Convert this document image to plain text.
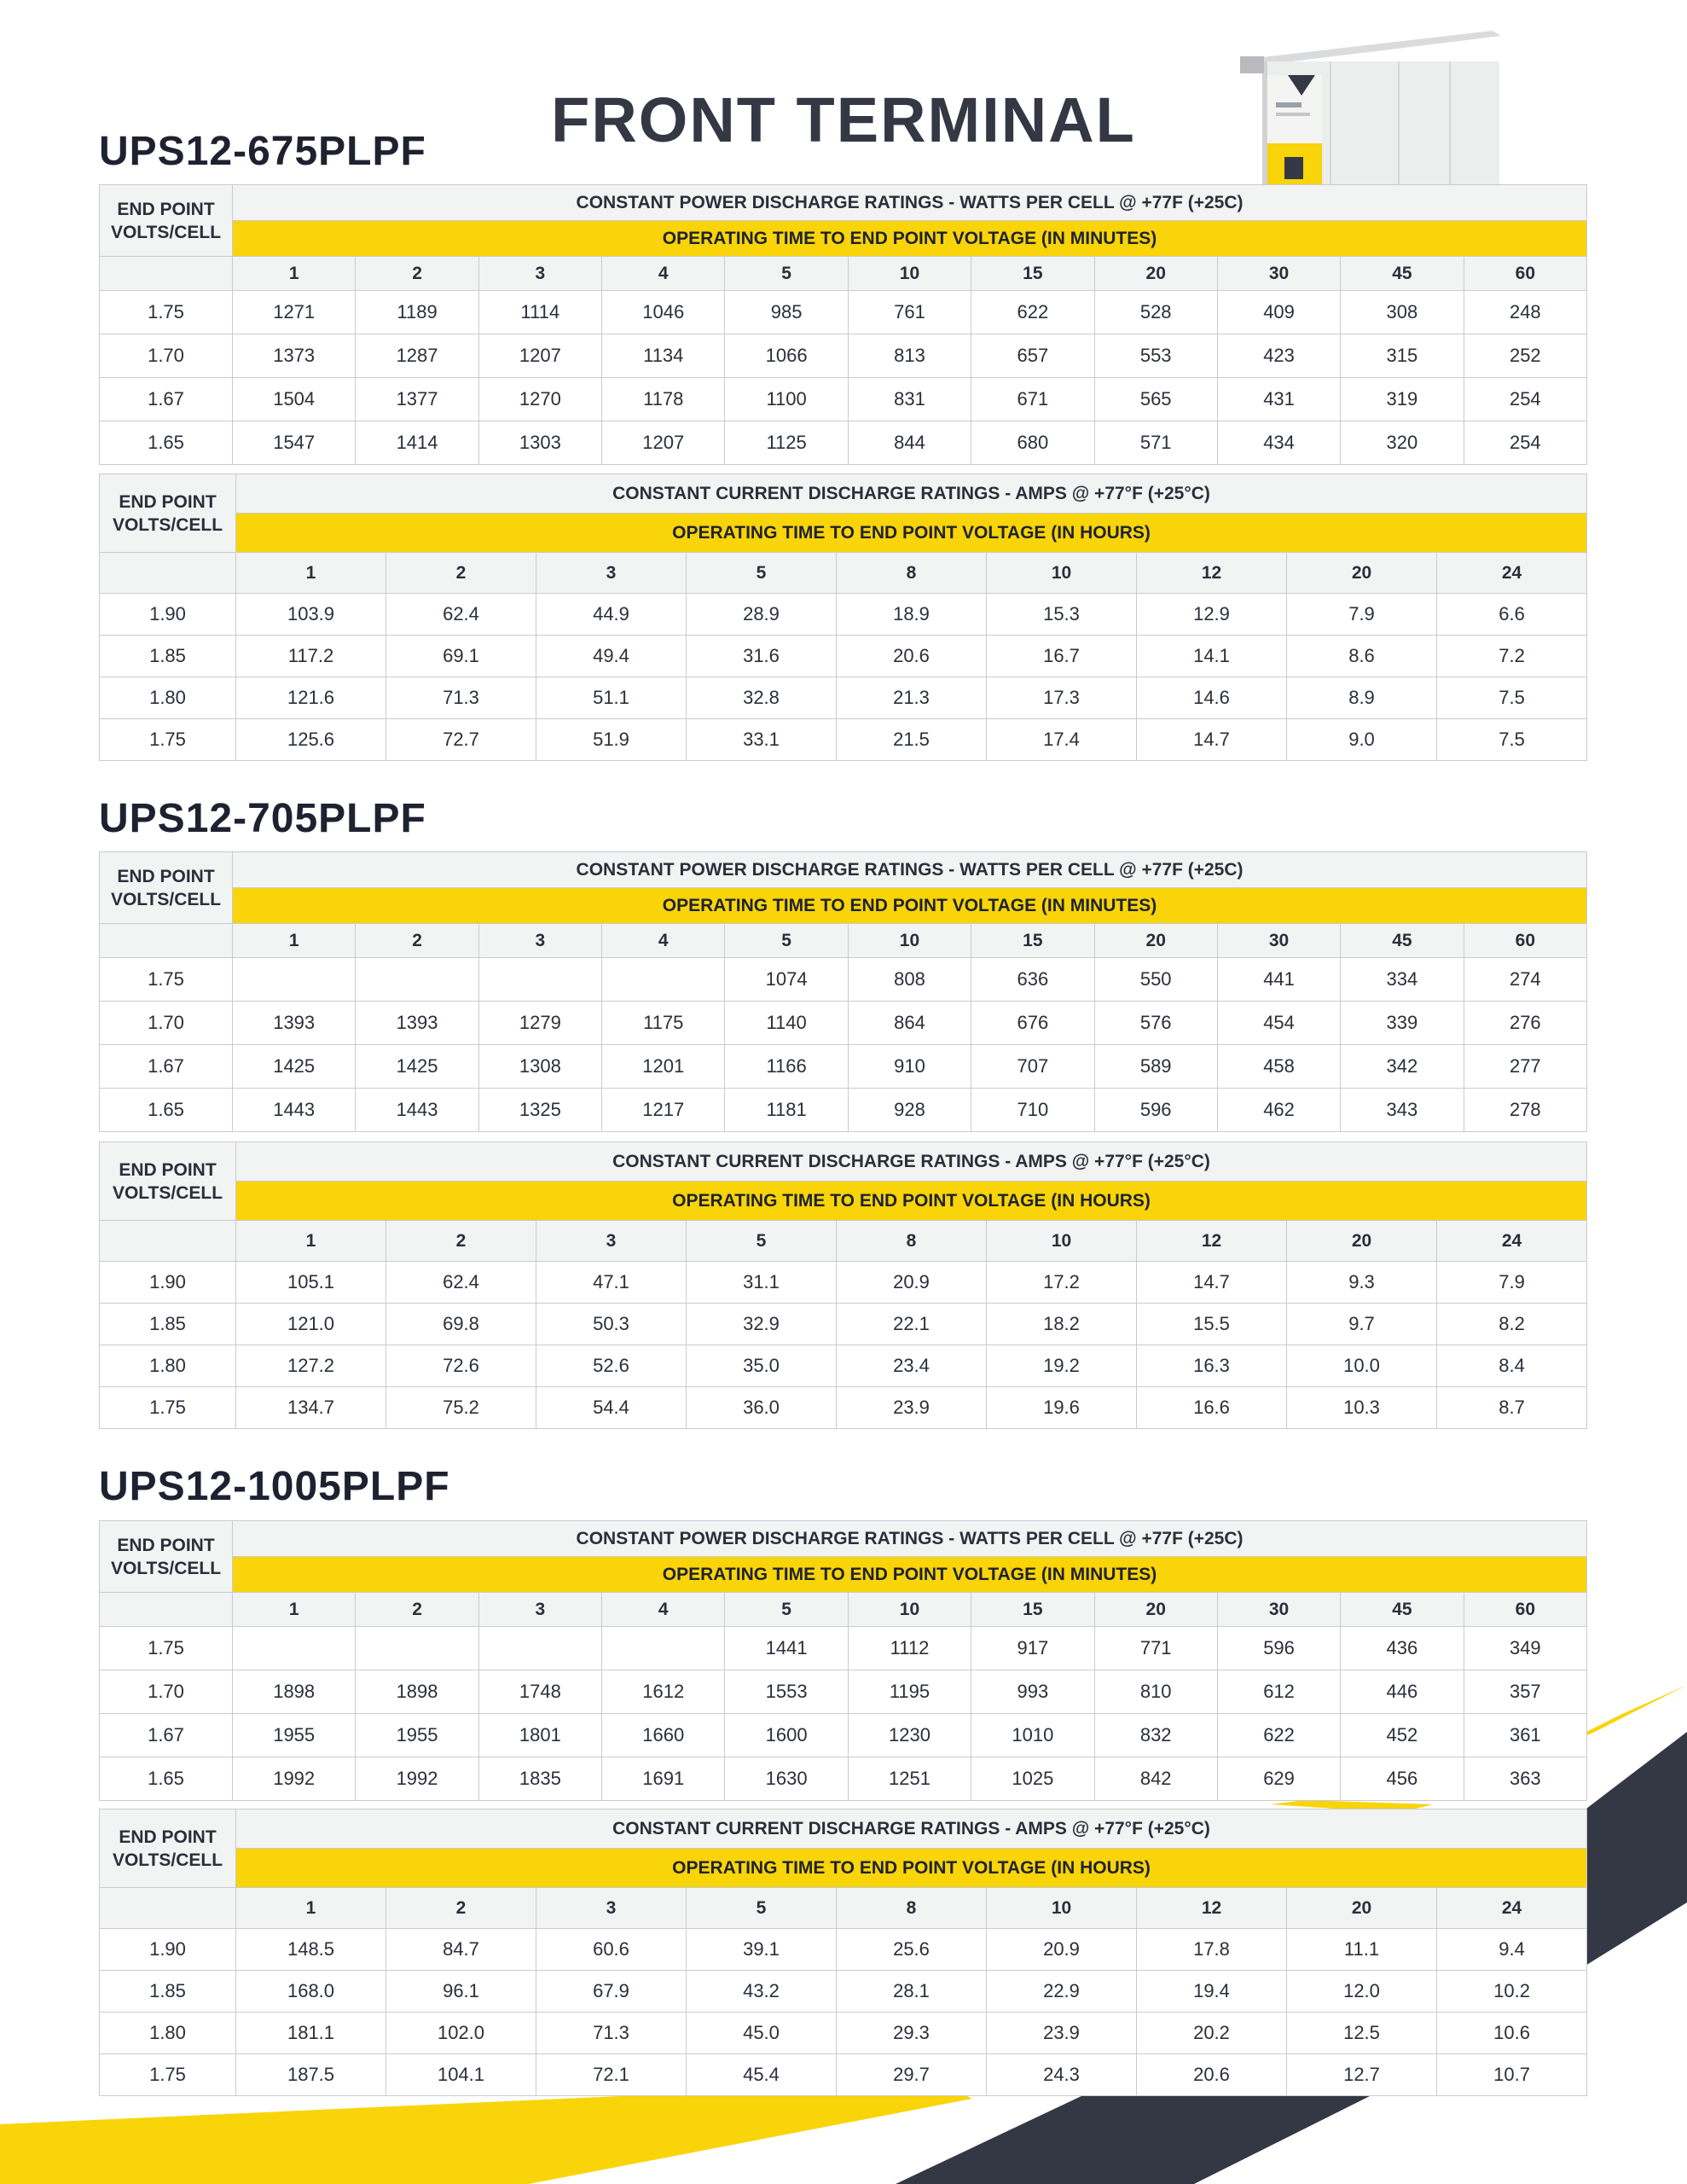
FRONT TERMINAL
UPS12-675PLPF
END POINT
VOLTS/CELL	CONSTANT POWER DISCHARGE RATINGS - WATTS PER CELL @ +77F (+25C)										
	OPERATING TIME TO END POINT VOLTAGE (IN MINUTES)										
	1	2	3	4	5	10	15	20	30	45	60
1.75	1271	1189	1114	1046	985	761	622	528	409	308	248
1.70	1373	1287	1207	1134	1066	813	657	553	423	315	252
1.67	1504	1377	1270	1178	1100	831	671	565	431	319	254
1.65	1547	1414	1303	1207	1125	844	680	571	434	320	254
END POINT
VOLTS/CELL	CONSTANT CURRENT DISCHARGE RATINGS - AMPS @ +77°F (+25°C)								
	OPERATING TIME TO END POINT VOLTAGE (IN HOURS)								
	1	2	3	5	8	10	12	20	24
1.90	103.9	62.4	44.9	28.9	18.9	15.3	12.9	7.9	6.6
1.85	117.2	69.1	49.4	31.6	20.6	16.7	14.1	8.6	7.2
1.80	121.6	71.3	51.1	32.8	21.3	17.3	14.6	8.9	7.5
1.75	125.6	72.7	51.9	33.1	21.5	17.4	14.7	9.0	7.5
UPS12-705PLPF
END POINT
VOLTS/CELL	CONSTANT POWER DISCHARGE RATINGS - WATTS PER CELL @ +77F (+25C)										
	OPERATING TIME TO END POINT VOLTAGE (IN MINUTES)										
	1	2	3	4	5	10	15	20	30	45	60
1.75					1074	808	636	550	441	334	274
1.70	1393	1393	1279	1175	1140	864	676	576	454	339	276
1.67	1425	1425	1308	1201	1166	910	707	589	458	342	277
1.65	1443	1443	1325	1217	1181	928	710	596	462	343	278
END POINT
VOLTS/CELL	CONSTANT CURRENT DISCHARGE RATINGS - AMPS @ +77°F (+25°C)								
	OPERATING TIME TO END POINT VOLTAGE (IN HOURS)								
	1	2	3	5	8	10	12	20	24
1.90	105.1	62.4	47.1	31.1	20.9	17.2	14.7	9.3	7.9
1.85	121.0	69.8	50.3	32.9	22.1	18.2	15.5	9.7	8.2
1.80	127.2	72.6	52.6	35.0	23.4	19.2	16.3	10.0	8.4
1.75	134.7	75.2	54.4	36.0	23.9	19.6	16.6	10.3	8.7
UPS12-1005PLPF
END POINT
VOLTS/CELL	CONSTANT POWER DISCHARGE RATINGS - WATTS PER CELL @ +77F (+25C)										
	OPERATING TIME TO END POINT VOLTAGE (IN MINUTES)										
	1	2	3	4	5	10	15	20	30	45	60
1.75					1441	1112	917	771	596	436	349
1.70	1898	1898	1748	1612	1553	1195	993	810	612	446	357
1.67	1955	1955	1801	1660	1600	1230	1010	832	622	452	361
1.65	1992	1992	1835	1691	1630	1251	1025	842	629	456	363
END POINT
VOLTS/CELL	CONSTANT CURRENT DISCHARGE RATINGS - AMPS @ +77°F (+25°C)								
	OPERATING TIME TO END POINT VOLTAGE (IN HOURS)								
	1	2	3	5	8	10	12	20	24
1.90	148.5	84.7	60.6	39.1	25.6	20.9	17.8	11.1	9.4
1.85	168.0	96.1	67.9	43.2	28.1	22.9	19.4	12.0	10.2
1.80	181.1	102.0	71.3	45.0	29.3	23.9	20.2	12.5	10.6
1.75	187.5	104.1	72.1	45.4	29.7	24.3	20.6	12.7	10.7
